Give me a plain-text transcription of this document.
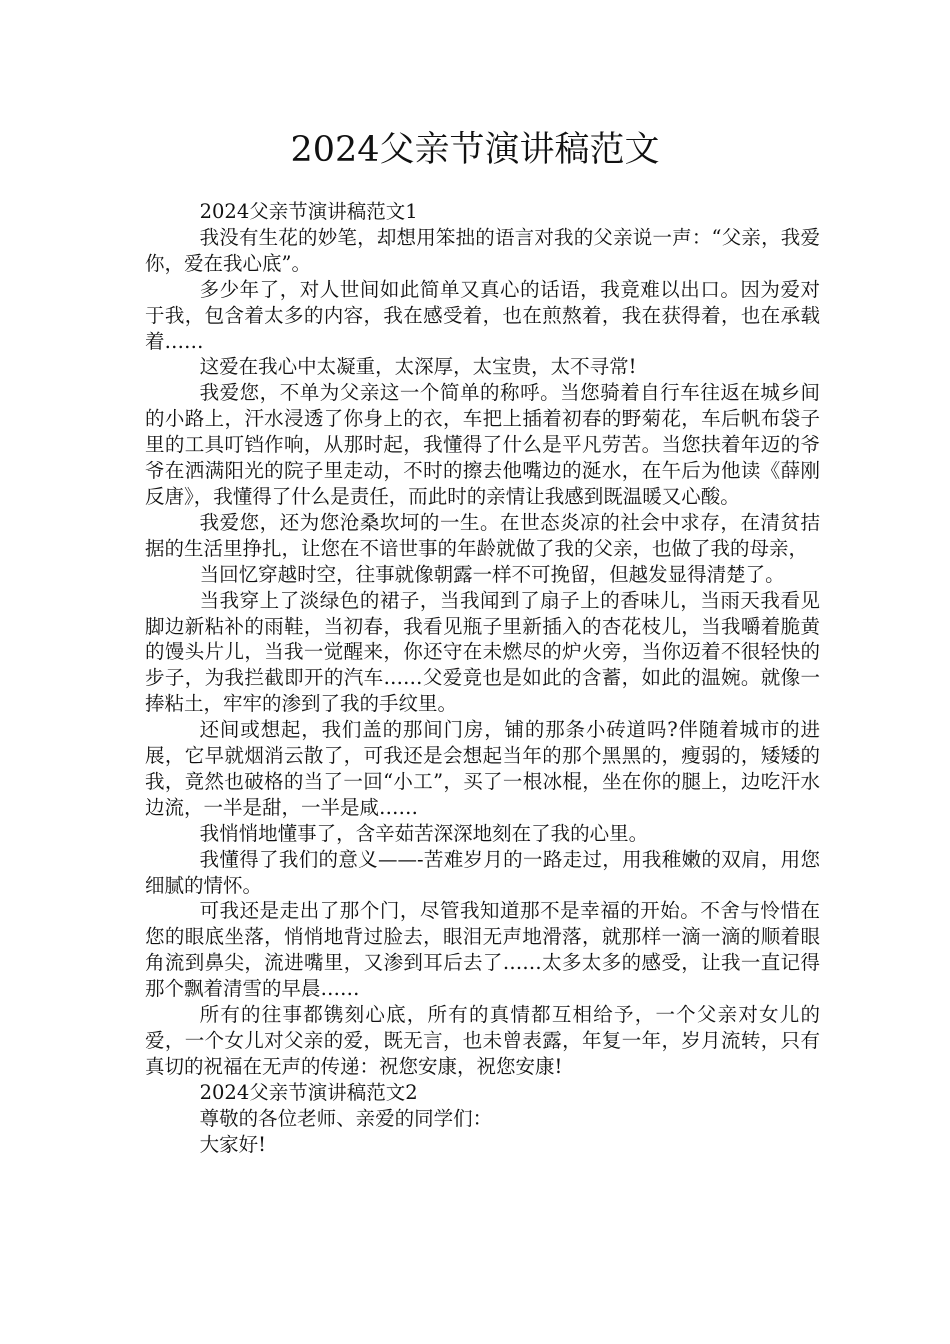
2024父亲节演讲稿范文

2024父亲节演讲稿范文1

我没有生花的妙笔，却想用笨拙的语言对我的父亲说一声：“父亲，我爱你，爱在我心底”。

多少年了，对人世间如此简单又真心的话语，我竟难以出口。因为爱对于我，包含着太多的内容，我在感受着，也在煎熬着，我在获得着，也在承载着……

这爱在我心中太凝重，太深厚，太宝贵，太不寻常!

我爱您，不单为父亲这一个简单的称呼。当您骑着自行车往返在城乡间的小路上，汗水浸透了你身上的衣，车把上插着初春的野菊花，车后帆布袋子里的工具叮铛作响，从那时起，我懂得了什么是平凡劳苦。当您扶着年迈的爷爷在洒满阳光的院子里走动，不时的擦去他嘴边的涎水，在午后为他读《薛刚反唐》，我懂得了什么是责任，而此时的亲情让我感到既温暖又心酸。

我爱您，还为您沧桑坎坷的一生。在世态炎凉的社会中求存，在清贫拮据的生活里挣扎，让您在不谙世事的年龄就做了我的父亲，也做了我的母亲，

当回忆穿越时空，往事就像朝露一样不可挽留，但越发显得清楚了。

当我穿上了淡绿色的裙子，当我闻到了扇子上的香味儿，当雨天我看见脚边新粘补的雨鞋，当初春，我看见瓶子里新插入的杏花枝儿，当我嚼着脆黄的馒头片儿，当我一觉醒来，你还守在未燃尽的炉火旁，当你迈着不很轻快的步子，为我拦截即开的汽车……父爱竟也是如此的含蓄，如此的温婉。就像一捧粘土，牢牢的渗到了我的手纹里。

还间或想起，我们盖的那间门房，铺的那条小砖道吗?伴随着城市的进展，它早就烟消云散了，可我还是会想起当年的那个黑黑的，瘦弱的，矮矮的我，竟然也破格的当了一回“小工”，买了一根冰棍，坐在你的腿上，边吃汗水边流，一半是甜，一半是咸……

我悄悄地懂事了，含辛茹苦深深地刻在了我的心里。

我懂得了我们的意义——-苦难岁月的一路走过，用我稚嫩的双肩，用您细腻的情怀。

可我还是走出了那个门，尽管我知道那不是幸福的开始。不舍与怜惜在您的眼底坐落，悄悄地背过脸去，眼泪无声地滑落，就那样一滴一滴的顺着眼角流到鼻尖，流进嘴里，又渗到耳后去了……太多太多的感受，让我一直记得那个飘着清雪的早晨……

所有的往事都镌刻心底，所有的真情都互相给予，一个父亲对女儿的爱，一个女儿对父亲的爱，既无言，也未曾表露，年复一年，岁月流转，只有真切的祝福在无声的传递：祝您安康，祝您安康!

2024父亲节演讲稿范文2

尊敬的各位老师、亲爱的同学们：

大家好!
